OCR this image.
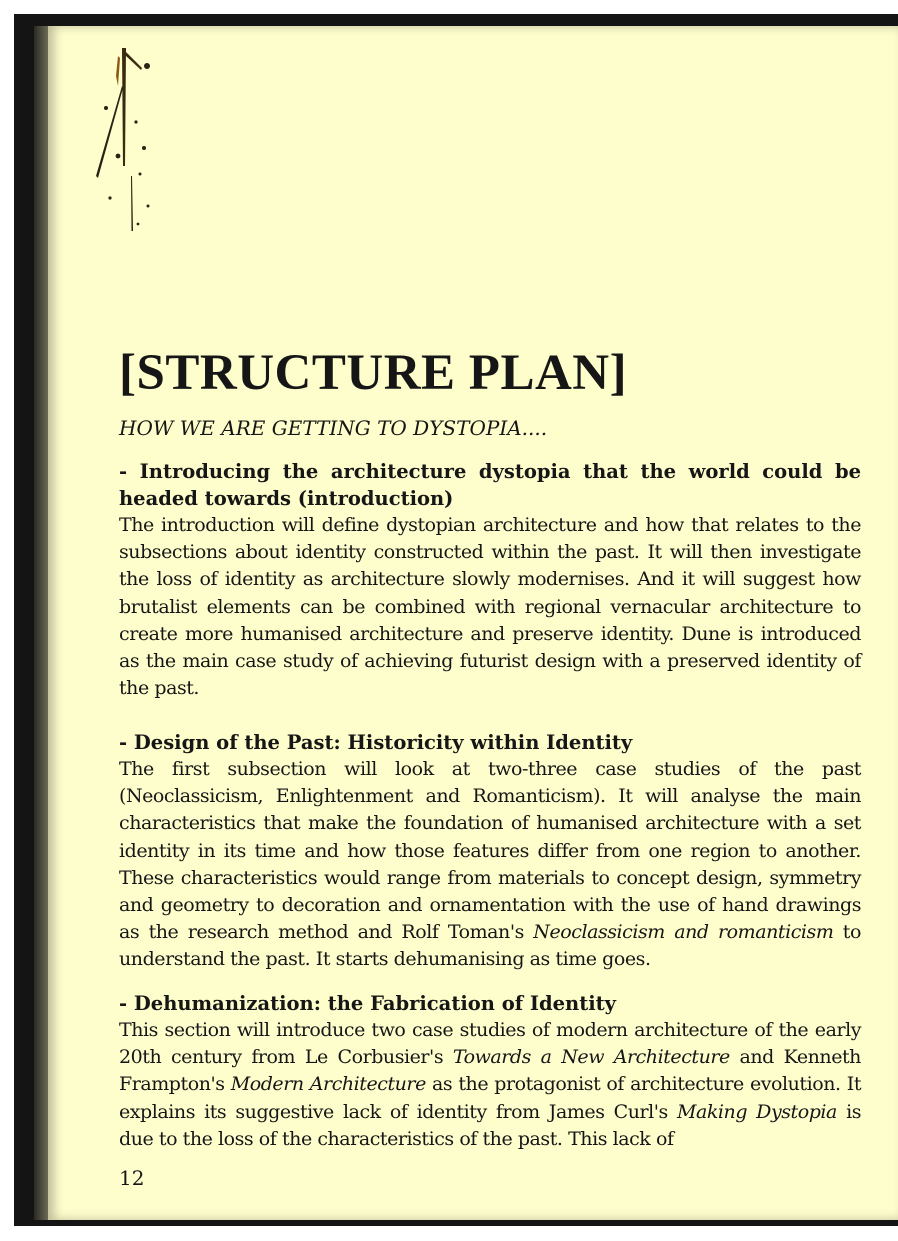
[STRUCTURE PLAN]
HOW WE ARE GETTING TO DYSTOPIA....
- Introducing the architecture dystopia that the world could be headed towards (introduction)

The introduction will define dystopian architecture and how that relates to the subsections about identity constructed within the past. It will then investigate the loss of identity as architecture slowly modernises. And it will suggest how brutalist elements can be combined with regional vernacular architecture to create more humanised architecture and preserve identity. Dune is introduced as the main case study of achieving futurist design with a preserved identity of the past.

- Design of the Past: Historicity within Identity

The first subsection will look at two-three case studies of the past (Neoclassicism, Enlightenment and Romanticism). It will analyse the main characteristics that make the foundation of humanised architecture with a set identity in its time and how those features differ from one region to another. These characteristics would range from materials to concept design, symmetry and geometry to decoration and ornamentation with the use of hand drawings as the research method and Rolf Toman's Neoclassicism and romanticism to understand the past. It starts dehumanising as time goes.

- Dehumanization: the Fabrication of Identity

This section will introduce two case studies of modern architecture of the early 20th century from Le Corbusier's Towards a New Architecture and Kenneth Frampton's Modern Architecture as the protagonist of architecture evolution. It explains its suggestive lack of identity from James Curl's Making Dystopia is due to the loss of the characteristics of the past. This lack of

12
